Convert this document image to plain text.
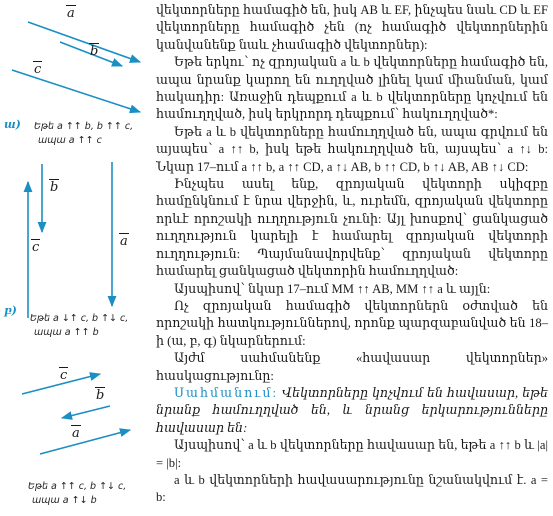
a
b
c
ш) Եթե a ↑↑ b, b ↑↑ c,
ապա a ↑↑ c
b
c	a
բ)
Եթե a ↓↑ c, b ↑↓ c,
ապա a ↑↑ b
c
b
a
Եթե a ↑↑ c, b ↑↓ c,
ապա a ↑↓ b

վեկտորները համագիծ են, իսկ AB և EF, ինչպես նաև CD և EF վեկտորները համագիծ չեն (ոչ համագիծ վեկտորներին կանվանենք նաև չհամագիծ վեկտորներ):

Եթե երկու՝ ոչ զրոյական a և b վեկտորները համագիծ են, ապա նրանք կարող են ուղղված լինել կամ միանման, կամ հակադիր: Առաջին դեպքում a և b վեկտորները կոչվում են համուղղված, իսկ երկրորդ դեպքում՝ հակուղղված*:

Եթե a և b վեկտորները համուղղված են, ապա գրվում են այսպես՝ a ↑↑ b, իսկ եթե հակուղղված են, այսպես՝ a ↑↓ b: Նկար 17–ում a ↑↑ b, a ↑↑ CD, a ↑↓ AB, b ↑↑ CD, b ↑↓ AB, AB ↑↓ CD:

Ինչպես ասել ենք, զրոյական վեկտորի սկիզբը համընկնում է նրա վերջին, և, ուրեմն, զրոյական վեկտորը որևէ որոշակի ուղղություն չունի: Այլ խոսքով՝ ցանկացած ուղղություն կարելի է համարել զրոյական վեկտորի ուղղություն: Պայմանավորվենք՝ զրոյական վեկտորը համարել ցանկացած վեկտորին համուղղված:

Այսպիսով՝ նկար 17–ում MM ↑↑ AB, MM ↑↑ a և այլն:

Ոչ զրոյական համագիծ վեկտորներն օժտված են որոշակի հատկություններով, որոնք պարզաբանված են 18–ի (ա, բ, գ) նկարներում:

Այժմ սահմանենք «հավասար վեկտորներ» հասկացությունը:

Սահմանում: Վեկտորները կոչվում են հավասար, եթե նրանք համուղղված են, և նրանց երկարությունները հավասար են:

Այսպիսով՝ a և b վեկտորները հավասար են, եթե a ↑↑ b և |a| = |b|:

a և b վեկտորների հավասարությունը նշանակվում է. a = b:
